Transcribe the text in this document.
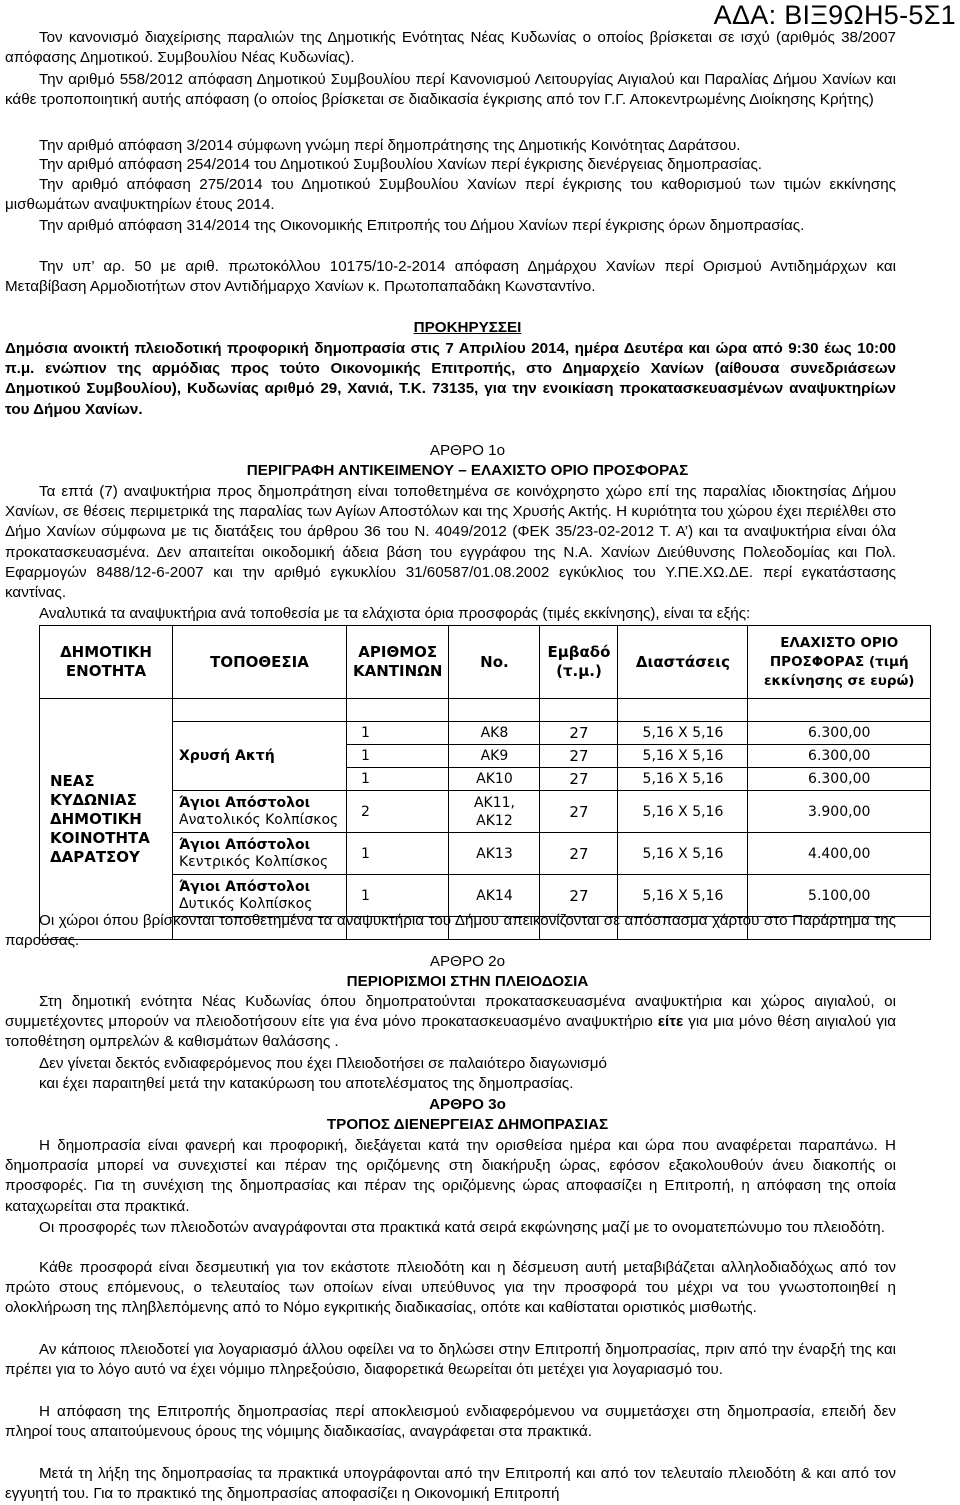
ΑΔΑ: ΒΙΞ9ΩΗ5-5Σ1

Τον κανονισμό διαχείρισης παραλιών της Δημοτικής Ενότητας Νέας Κυδωνίας ο οποίος βρίσκεται σε ισχύ (αριθμός 38/2007 απόφασης Δημοτικού. Συμβουλίου Νέας Κυδωνίας).

Την αριθμό 558/2012 απόφαση Δημοτικού Συμβουλίου περί Κανονισμού Λειτουργίας Αιγιαλού και Παραλίας Δήμου Χανίων και κάθε τροποποιητική αυτής απόφαση (ο οποίος βρίσκεται σε διαδικασία έγκρισης από τον Γ.Γ. Αποκεντρωμένης Διοίκησης Κρήτης)

Την αριθμό απόφαση 3/2014 σύμφωνη γνώμη περί δημοπράτησης της Δημοτικής Κοινότητας Δαράτσου.

Την αριθμό απόφαση 254/2014 του Δημοτικού Συμβουλίου Χανίων περί έγκρισης διενέργειας δημοπρασίας.

Την αριθμό απόφαση 275/2014 του Δημοτικού Συμβουλίου Χανίων περί έγκρισης του καθορισμού των τιμών εκκίνησης μισθωμάτων αναψυκτηρίων έτους 2014.

Την αριθμό απόφαση 314/2014 της Οικονομικής Επιτροπής του Δήμου Χανίων περί έγκρισης όρων δημοπρασίας.

Την υπ’ αρ. 50 με αριθ. πρωτοκόλλου 10175/10-2-2014 απόφαση Δημάρχου Χανίων περί Ορισμού Αντιδημάρχων και Μεταβίβαση Αρμοδιοτήτων στον Αντιδήμαρχο Χανίων κ. Πρωτοπαπαδάκη Κωνσταντίνο.

ΠΡΟΚΗΡΥΣΣΕΙ

Δημόσια ανοικτή πλειοδοτική προφορική δημοπρασία στις 7 Απριλίου 2014, ημέρα Δευτέρα και ώρα από 9:30 έως 10:00 π.μ. ενώπιον της αρμόδιας προς τούτο Οικονομικής Επιτροπής, στο Δημαρχείο Χανίων (αίθουσα συνεδριάσεων Δημοτικού Συμβουλίου), Κυδωνίας αριθμό 29, Χανιά, Τ.Κ. 73135, για την ενοικίαση προκατασκευασμένων αναψυκτηρίων του Δήμου Χανίων.

ΑΡΘΡΟ 1ο

ΠΕΡΙΓΡΑΦΗ ΑΝΤΙΚΕΙΜΕΝΟΥ – ΕΛΑΧΙΣΤΟ ΟΡΙΟ ΠΡΟΣΦΟΡΑΣ

Τα επτά (7) αναψυκτήρια προς δημοπράτηση είναι τοποθετημένα σε κοινόχρηστο χώρο επί της παραλίας ιδιοκτησίας Δήμου Χανίων, σε θέσεις περιμετρικά της παραλίας των Αγίων Αποστόλων και της Χρυσής Ακτής. Η κυριότητα του χώρου έχει περιέλθει στο Δήμο Χανίων σύμφωνα με τις διατάξεις του άρθρου 36 του Ν. 4049/2012 (ΦΕΚ 35/23-02-2012 Τ. Α’) και τα αναψυκτήρια είναι όλα προκατασκευασμένα. Δεν απαιτείται οικοδομική άδεια βάση του εγγράφου της Ν.Α. Χανίων Διεύθυνσης Πολεοδομίας και Πολ. Εφαρμογών 8488/12-6-2007 και την αριθμό εγκυκλίου 31/60587/01.08.2002 εγκύκλιος του Υ.ΠΕ.ΧΩ.ΔΕ. περί εγκατάστασης καντίνας.

Αναλυτικά τα αναψυκτήρια ανά τοποθεσία με τα ελάχιστα όρια προσφοράς (τιμές εκκίνησης), είναι τα εξής:

ΔΗΜΟΤΙΚΗ ΕΝΟΤΗΤΑ	ΤΟΠΟΘΕΣΙΑ	ΑΡΙΘΜΟΣ ΚΑΝΤΙΝΩΝ	No.	Εμβαδό (τ.μ.)	Διαστάσεις	ΕΛΑΧΙΣΤΟ ΟΡΙΟ ΠΡΟΣΦΟΡΑΣ (τιμή εκκίνησης σε ευρώ)
ΝΕΑΣ ΚΥΔΩΝΙΑΣ ΔΗΜΟΤΙΚΗ ΚΟΙΝΟΤΗΤΑ ΔΑΡΑΤΣΟΥ						

	Χρυσή Ακτή	1	ΑΚ8	27	5,16 Χ 5,16	6.300,00
		1	ΑΚ9	27	5,16 Χ 5,16	6.300,00
		1	ΑΚ10	27	5,16 Χ 5,16	6.300,00

	Άγιοι Απόστολοι
Ανατολικός Κολπίσκος	2	ΑΚ11, ΑΚ12	27	5,16 Χ 5,16	3.900,00

	Άγιοι Απόστολοι
Κεντρικός Κολπίσκος	1	ΑΚ13	27	5,16 Χ 5,16	4.400,00

	Άγιοι Απόστολοι
Δυτικός Κολπίσκος	1	ΑΚ14	27	5,16 Χ 5,16	5.100,00

Οι χώροι όπου βρίσκονται τοποθετημένα τα αναψυκτήρια του Δήμου απεικονίζονται σε απόσπασμα χάρτου στο Παράρτημα της παρούσας.

ΑΡΘΡΟ 2ο

ΠΕΡΙΟΡΙΣΜΟΙ ΣΤΗΝ ΠΛΕΙΟΔΟΣΙΑ

Στη δημοτική ενότητα Νέας Κυδωνίας όπου δημοπρατούνται προκατασκευασμένα αναψυκτήρια και χώρος αιγιαλού, οι συμμετέχοντες μπορούν να πλειοδοτήσουν είτε για ένα μόνο προκατασκευασμένο αναψυκτήριο είτε για μια μόνο θέση αιγιαλού για τοποθέτηση ομπρελών & καθισμάτων θαλάσσης .

Δεν γίνεται δεκτός ενδιαφερόμενος που έχει Πλειοδοτήσει σε παλαιότερο διαγωνισμό

και έχει παραιτηθεί μετά την κατακύρωση του αποτελέσματος της δημοπρασίας.

ΑΡΘΡΟ 3ο

ΤΡΟΠΟΣ ΔΙΕΝΕΡΓΕΙΑΣ ΔΗΜΟΠΡΑΣΙΑΣ

Η δημοπρασία είναι φανερή και προφορική, διεξάγεται κατά την ορισθείσα ημέρα και ώρα που αναφέρεται παραπάνω. Η δημοπρασία μπορεί να συνεχιστεί και πέραν της οριζόμενης στη διακήρυξη ώρας, εφόσον εξακολουθούν άνευ διακοπής οι προσφορές. Για τη συνέχιση της δημοπρασίας και πέραν της οριζόμενης ώρας αποφασίζει η Επιτροπή, η απόφαση της οποία καταχωρείται στα πρακτικά.

Οι προσφορές των πλειοδοτών αναγράφονται στα πρακτικά κατά σειρά εκφώνησης μαζί με το ονοματεπώνυμο του πλειοδότη.

Κάθε προσφορά είναι δεσμευτική για τον εκάστοτε πλειοδότη και η δέσμευση αυτή μεταβιβάζεται αλληλοδιαδόχως από τον πρώτο στους επόμενους, ο τελευταίος των οποίων είναι υπεύθυνος για την προσφορά του μέχρι να του γνωστοποιηθεί η ολοκλήρωση της πληβλεπόμενης από το Νόμο εγκριτικής διαδικασίας, οπότε και καθίσταται οριστικός μισθωτής.

Αν κάποιος πλειοδοτεί για λογαριασμό άλλου οφείλει να το δηλώσει στην Επιτροπή δημοπρασίας, πριν από την έναρξή της και πρέπει για το λόγο αυτό να έχει νόμιμο πληρεξούσιο, διαφορετικά θεωρείται ότι μετέχει για λογαριασμό του.

Η απόφαση της Επιτροπής δημοπρασίας περί αποκλεισμού ενδιαφερόμενου να συμμετάσχει στη δημοπρασία, επειδή δεν πληροί τους απαιτούμενους όρους της νόμιμης διαδικασίας, αναγράφεται στα πρακτικά.

Μετά τη λήξη της δημοπρασίας τα πρακτικά υπογράφονται από την Επιτροπή και από τον τελευταίο πλειοδότη & και από τον εγγυητή του. Για το πρακτικό της δημοπρασίας αποφασίζει η Οικονομική Επιτροπή
